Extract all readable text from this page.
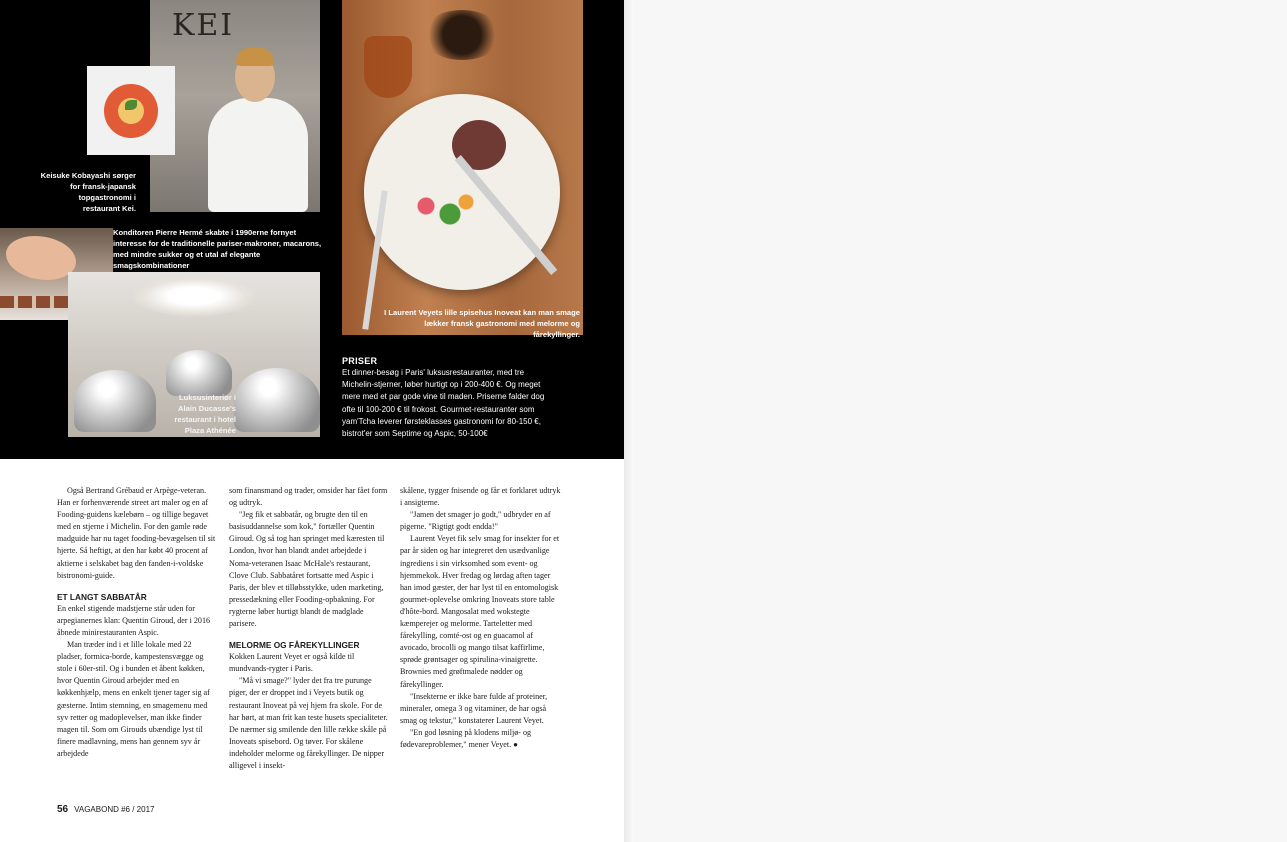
KEI
Keisuke Kobayashi sørger for fransk-japansk topgastronomi i restaurant Kei.
I Laurent Veyets lille spisehus Inoveat kan man smage lækker fransk gastronomi med melorme og fårekyllinger.
Konditoren Pierre Hermé skabte i 1990erne fornyet interesse for de traditionelle pariser-makroner, macarons, med mindre sukker og et utal af elegante smagskombinationer
Luksusinteriør i Alain Ducasse's restaurant i hotel Plaza Athénée
PRISER
Et dinner-besøg i Paris' luksusrestauranter, med tre Michelin-stjerner, løber hurtigt op i 200-400 €. Og meget mere med et par gode vine til maden. Priserne falder dog ofte til 100-200 € til frokost. Gourmet-restauranter som yam'Tcha leverer førsteklasses gastronomi for 80-150 €, bistrot'er som Septime og Aspic, 50-100€

Også Bertrand Grébaud er Arpège-veteran. Han er forhenværende street art maler og en af Fooding-guidens kælebørn – og tillige begavet med en stjerne i Michelin. For den gamle røde madguide har nu taget fooding-bevægelsen til sit hjerte. Så heftigt, at den har købt 40 procent af aktierne i selskabet bag den fanden-i-voldske bistronomi-guide.

ET LANGT SABBATÅR

En enkel stigende madstjerne står uden for arpegianernes klan: Quentin Giroud, der i 2016 åbnede minirestauranten Aspic.

Man træder ind i et lille lokale med 22 pladser, formica-borde, kampestensvægge og stole i 60er-stil. Og i bunden et åbent køkken, hvor Quentin Giroud arbejder med en køkkenhjælp, mens en enkelt tjener tager sig af gæsterne. Intim stemning, en smagemenu med syv retter og madoplevelser, man ikke finder magen til. Som om Girouds ubændige lyst til finere madlavning, mens han gennem syv år arbejdede

som finansmand og trader, omsider har fået form og udtryk.

"Jeg fik et sabbatår, og brugte den til en basisuddannelse som kok," fortæller Quentin Giroud. Og så tog han springet med kæresten til London, hvor han blandt andet arbejdede i Noma-veteranen Isaac McHale's restaurant, Clove Club. Sabbatåret fortsatte med Aspic i Paris, der blev et tilløbsstykke, uden marketing, pressedækning eller Fooding-opbakning. For rygterne løber hurtigt blandt de madglade parisere.

MELORME OG FÅREKYLLINGER

Kokken Laurent Veyet er også kilde til mundvands-rygter i Paris.

"Må vi smage?" lyder det fra tre purunge piger, der er droppet ind i Veyets butik og restaurant Inoveat på vej hjem fra skole. For de har hørt, at man frit kan teste husets specialiteter. De nærmer sig smilende den lille række skåle på Inoveats spisebord. Og tøver. For skålene indeholder melorme og fårekyllinger. De nipper alligevel i insekt-

skålene, tygger fnisende og får et forklaret udtryk i ansigterne.

"Jamen det smager jo godt," udbryder en af pigerne. "Rigtigt godt endda!"

Laurent Veyet fik selv smag for insekter for et par år siden og har integreret den usædvanlige ingrediens i sin virksomhed som event- og hjemmekok. Hver fredag og lørdag aften tager han imod gæster, der har lyst til en entomologisk gourmet-oplevelse omkring Inoveats store table d'hôte-bord. Mangosalat med wokstegte kæmperejer og melorme. Tarteletter med fårekylling, comté-ost og en guacamol af avocado, brocolli og mango tilsat kaffirlime, sprøde grøntsager og spirulina-vinaigrette. Brownies med grøftmalede nødder og fårekyllinger.

"Insekterne er ikke bare fulde af proteiner, mineraler, omega 3 og vitaminer, de har også smag og tekstur," konstaterer Laurent Veyet.

"En god løsning på klodens miljø- og fødevareproblemer," mener Veyet. ●

56 VAGABOND #6 / 2017
